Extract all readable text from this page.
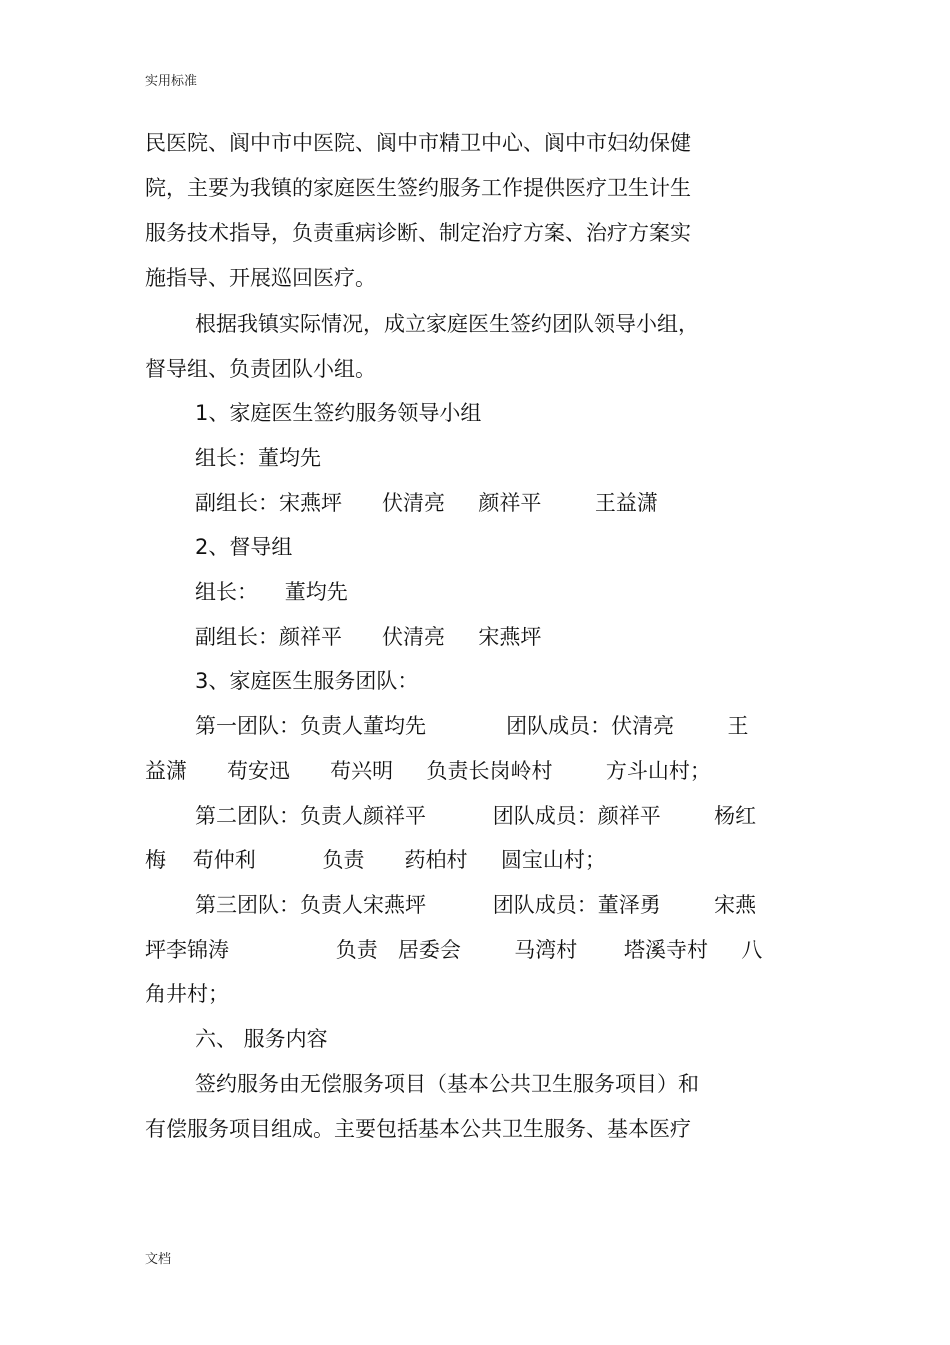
实用标准
民医院、阆中市中医院、阆中市精卫中心、阆中市妇幼保健
院，主要为我镇的家庭医生签约服务工作提供医疗卫生计生
服务技术指导，负责重病诊断、制定治疗方案、治疗方案实
施指导、开展巡回医疗。
根据我镇实际情况，成立家庭医生签约团队领导小组，
督导组、负责团队小组。
1、家庭医生签约服务领导小组
组长：董均先
副组长：宋燕坪      伏清亮     颜祥平        王益潇
2、督导组
组长：    董均先
副组长：颜祥平      伏清亮     宋燕坪
3、家庭医生服务团队：
第一团队：负责人董均先            团队成员：伏清亮        王
益潇      苟安迅      苟兴明     负责长岗岭村        方斗山村；
第二团队：负责人颜祥平          团队成员：颜祥平        杨红
梅    苟仲利          负责      药柏村     圆宝山村；
第三团队：负责人宋燕坪          团队成员：董泽勇        宋燕
坪李锦涛                负责   居委会        马湾村       塔溪寺村     八
角井村；
六、 服务内容
签约服务由无偿服务项目（基本公共卫生服务项目）和
有偿服务项目组成。主要包括基本公共卫生服务、基本医疗
文档
